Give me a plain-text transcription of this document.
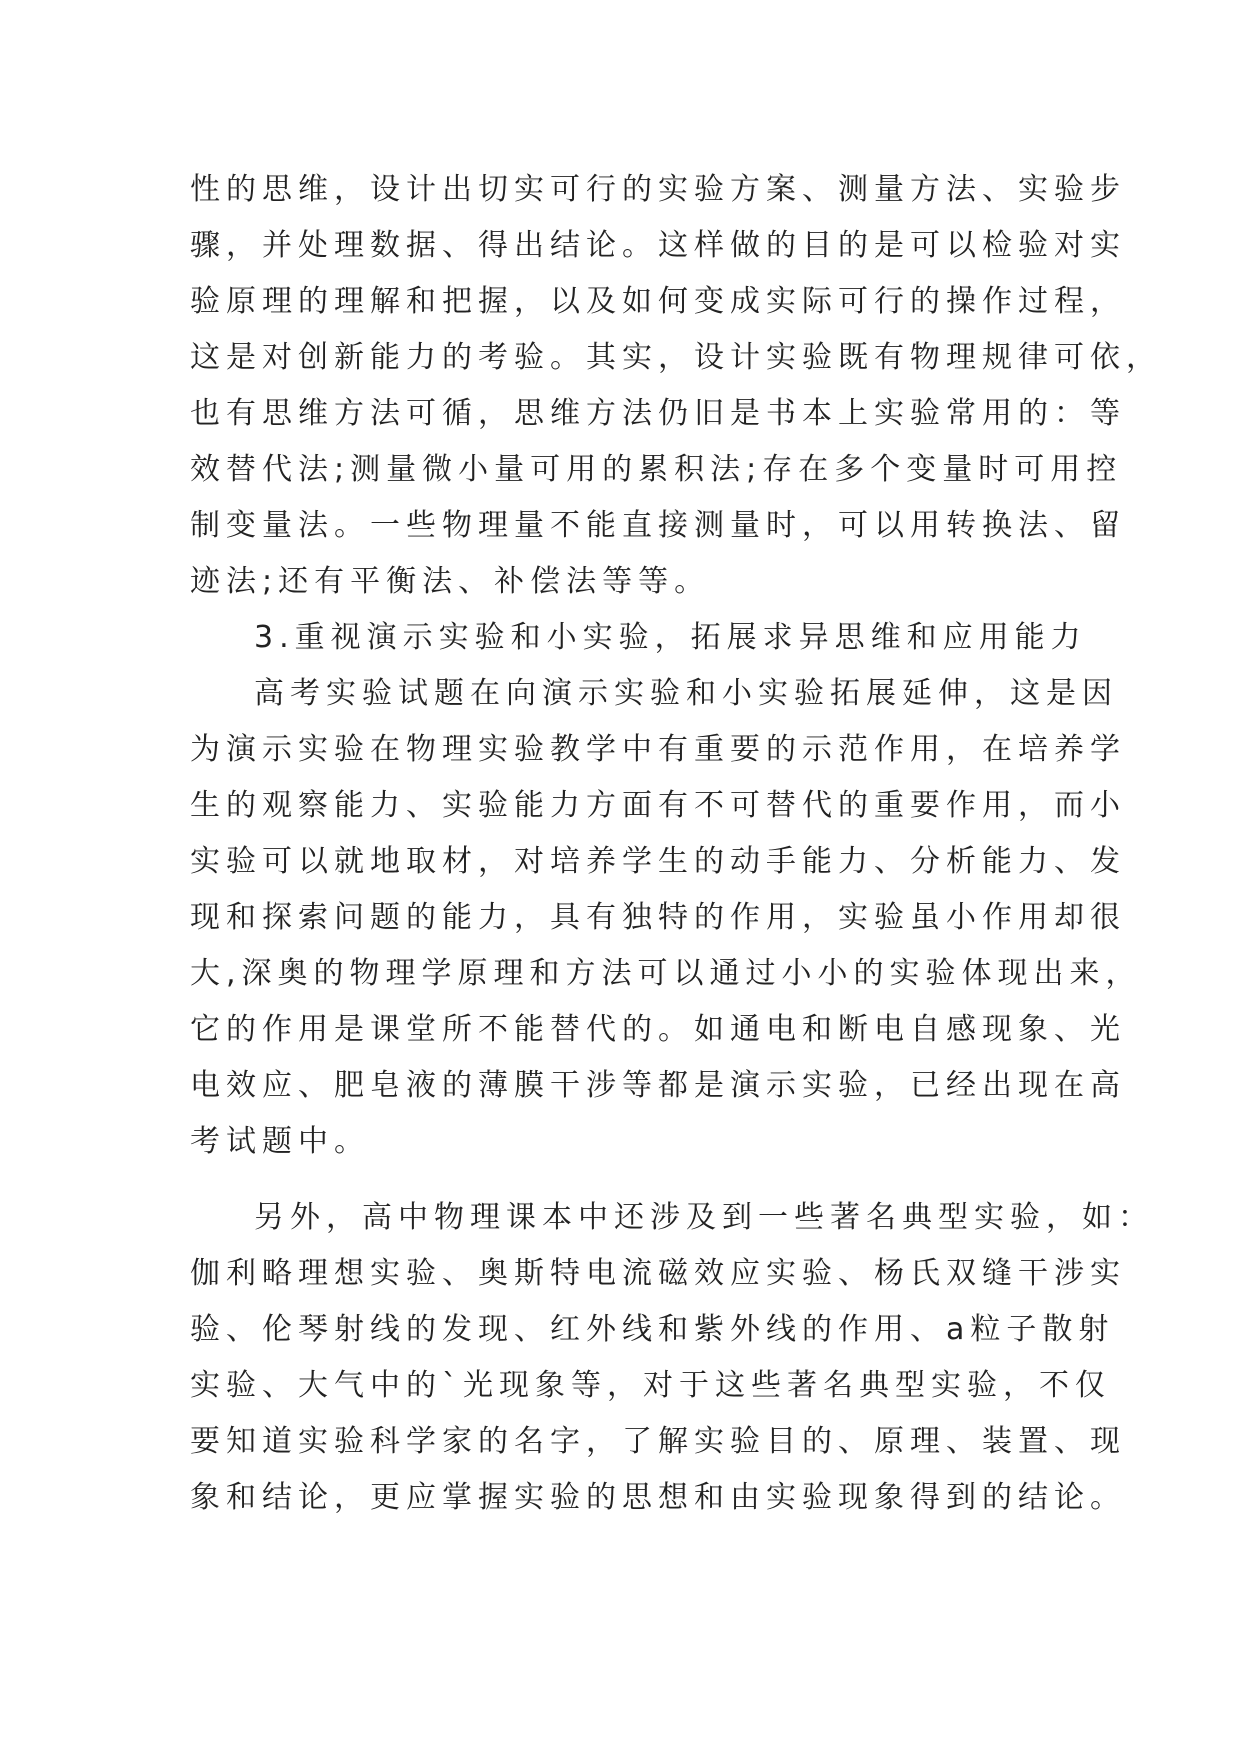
性的思维，设计出切实可行的实验方案、测量方法、实验步
骤，并处理数据、得出结论。这样做的目的是可以检验对实
验原理的理解和把握，以及如何变成实际可行的操作过程，
这是对创新能力的考验。其实，设计实验既有物理规律可依，
也有思维方法可循，思维方法仍旧是书本上实验常用的：等
效替代法;测量微小量可用的累积法;存在多个变量时可用控
制变量法。一些物理量不能直接测量时，可以用转换法、留
迹法;还有平衡法、补偿法等等。
3.重视演示实验和小实验，拓展求异思维和应用能力
高考实验试题在向演示实验和小实验拓展延伸，这是因
为演示实验在物理实验教学中有重要的示范作用，在培养学
生的观察能力、实验能力方面有不可替代的重要作用，而小
实验可以就地取材，对培养学生的动手能力、分析能力、发
现和探索问题的能力，具有独特的作用，实验虽小作用却很
大,深奥的物理学原理和方法可以通过小小的实验体现出来，
它的作用是课堂所不能替代的。如通电和断电自感现象、光
电效应、肥皂液的薄膜干涉等都是演示实验，已经出现在高
考试题中。
另外，高中物理课本中还涉及到一些著名典型实验，如：
伽利略理想实验、奥斯特电流磁效应实验、杨氏双缝干涉实
验、伦琴射线的发现、红外线和紫外线的作用、a粒子散射
实验、大气中的`光现象等，对于这些著名典型实验，不仅
要知道实验科学家的名字，了解实验目的、原理、装置、现
象和结论，更应掌握实验的思想和由实验现象得到的结论。
